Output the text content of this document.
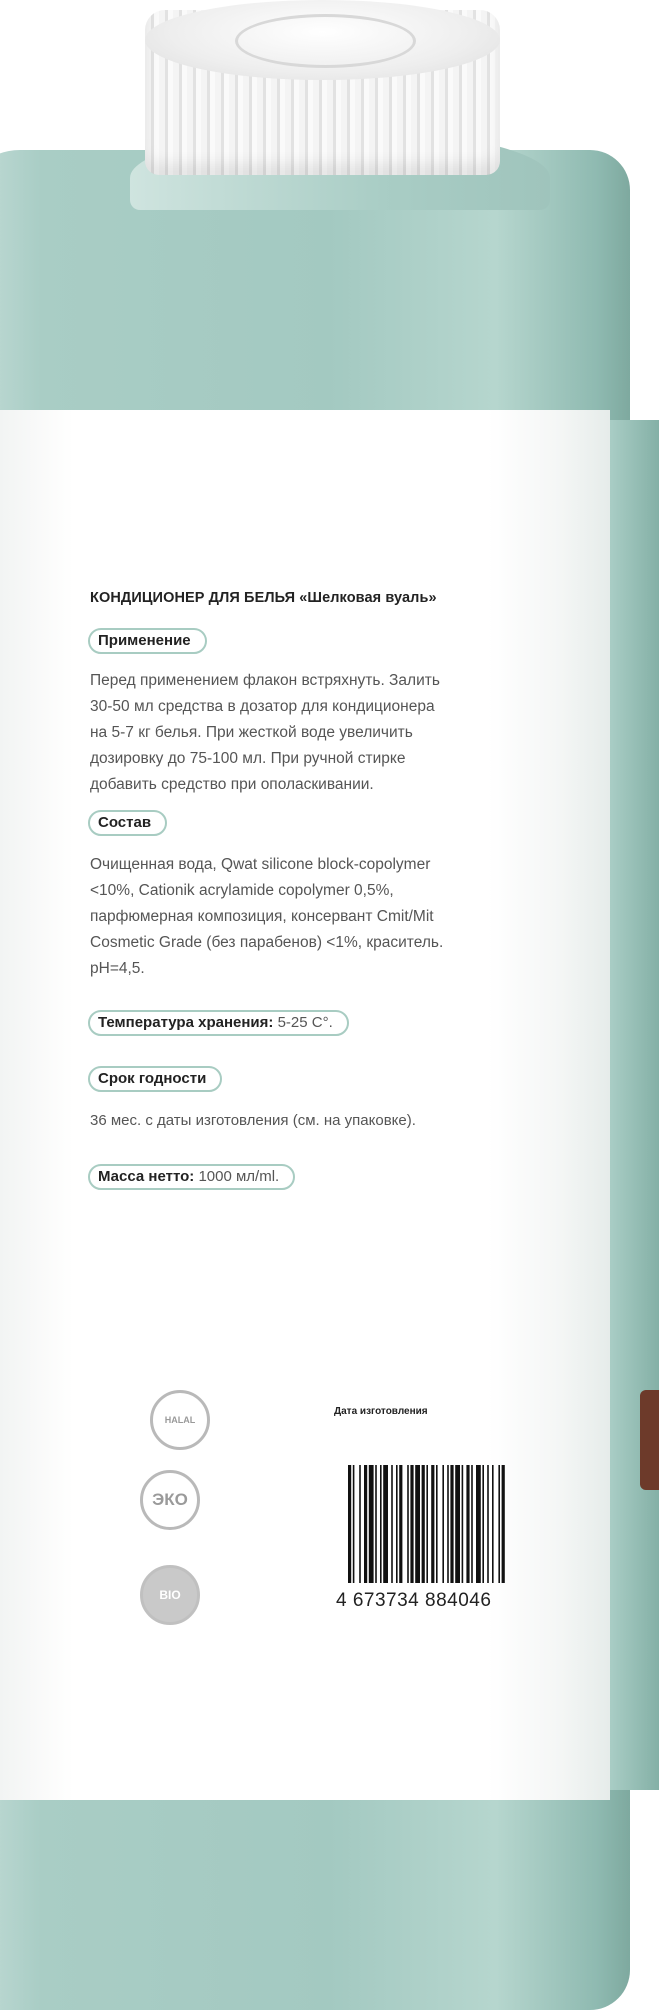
КОНДИЦИОНЕР ДЛЯ БЕЛЬЯ «Шелковая вуаль»
Применение
Перед применением флакон встряхнуть. Залить
30-50 мл средства в дозатор для кондиционера
на 5-7 кг белья. При жесткой воде увеличить
дозировку до 75-100 мл. При ручной стирке
добавить средство при ополаскивании.
Состав
Очищенная вода, Qwat silicone block-copolymer
<10%, Cationik acrylamide copolymer 0,5%,
парфюмерная композиция, консервант Cmit/Mit
Cosmetic Grade (без парабенов) <1%, краситель.
pH=4,5.
Температура хранения: 5-25 С°.
Срок годности
36 мес. с даты изготовления (см. на упаковке).
Масса нетто: 1000 мл/ml.
Дата изготовления
HALAL
ЭКО
BIO	4 673734 884046
